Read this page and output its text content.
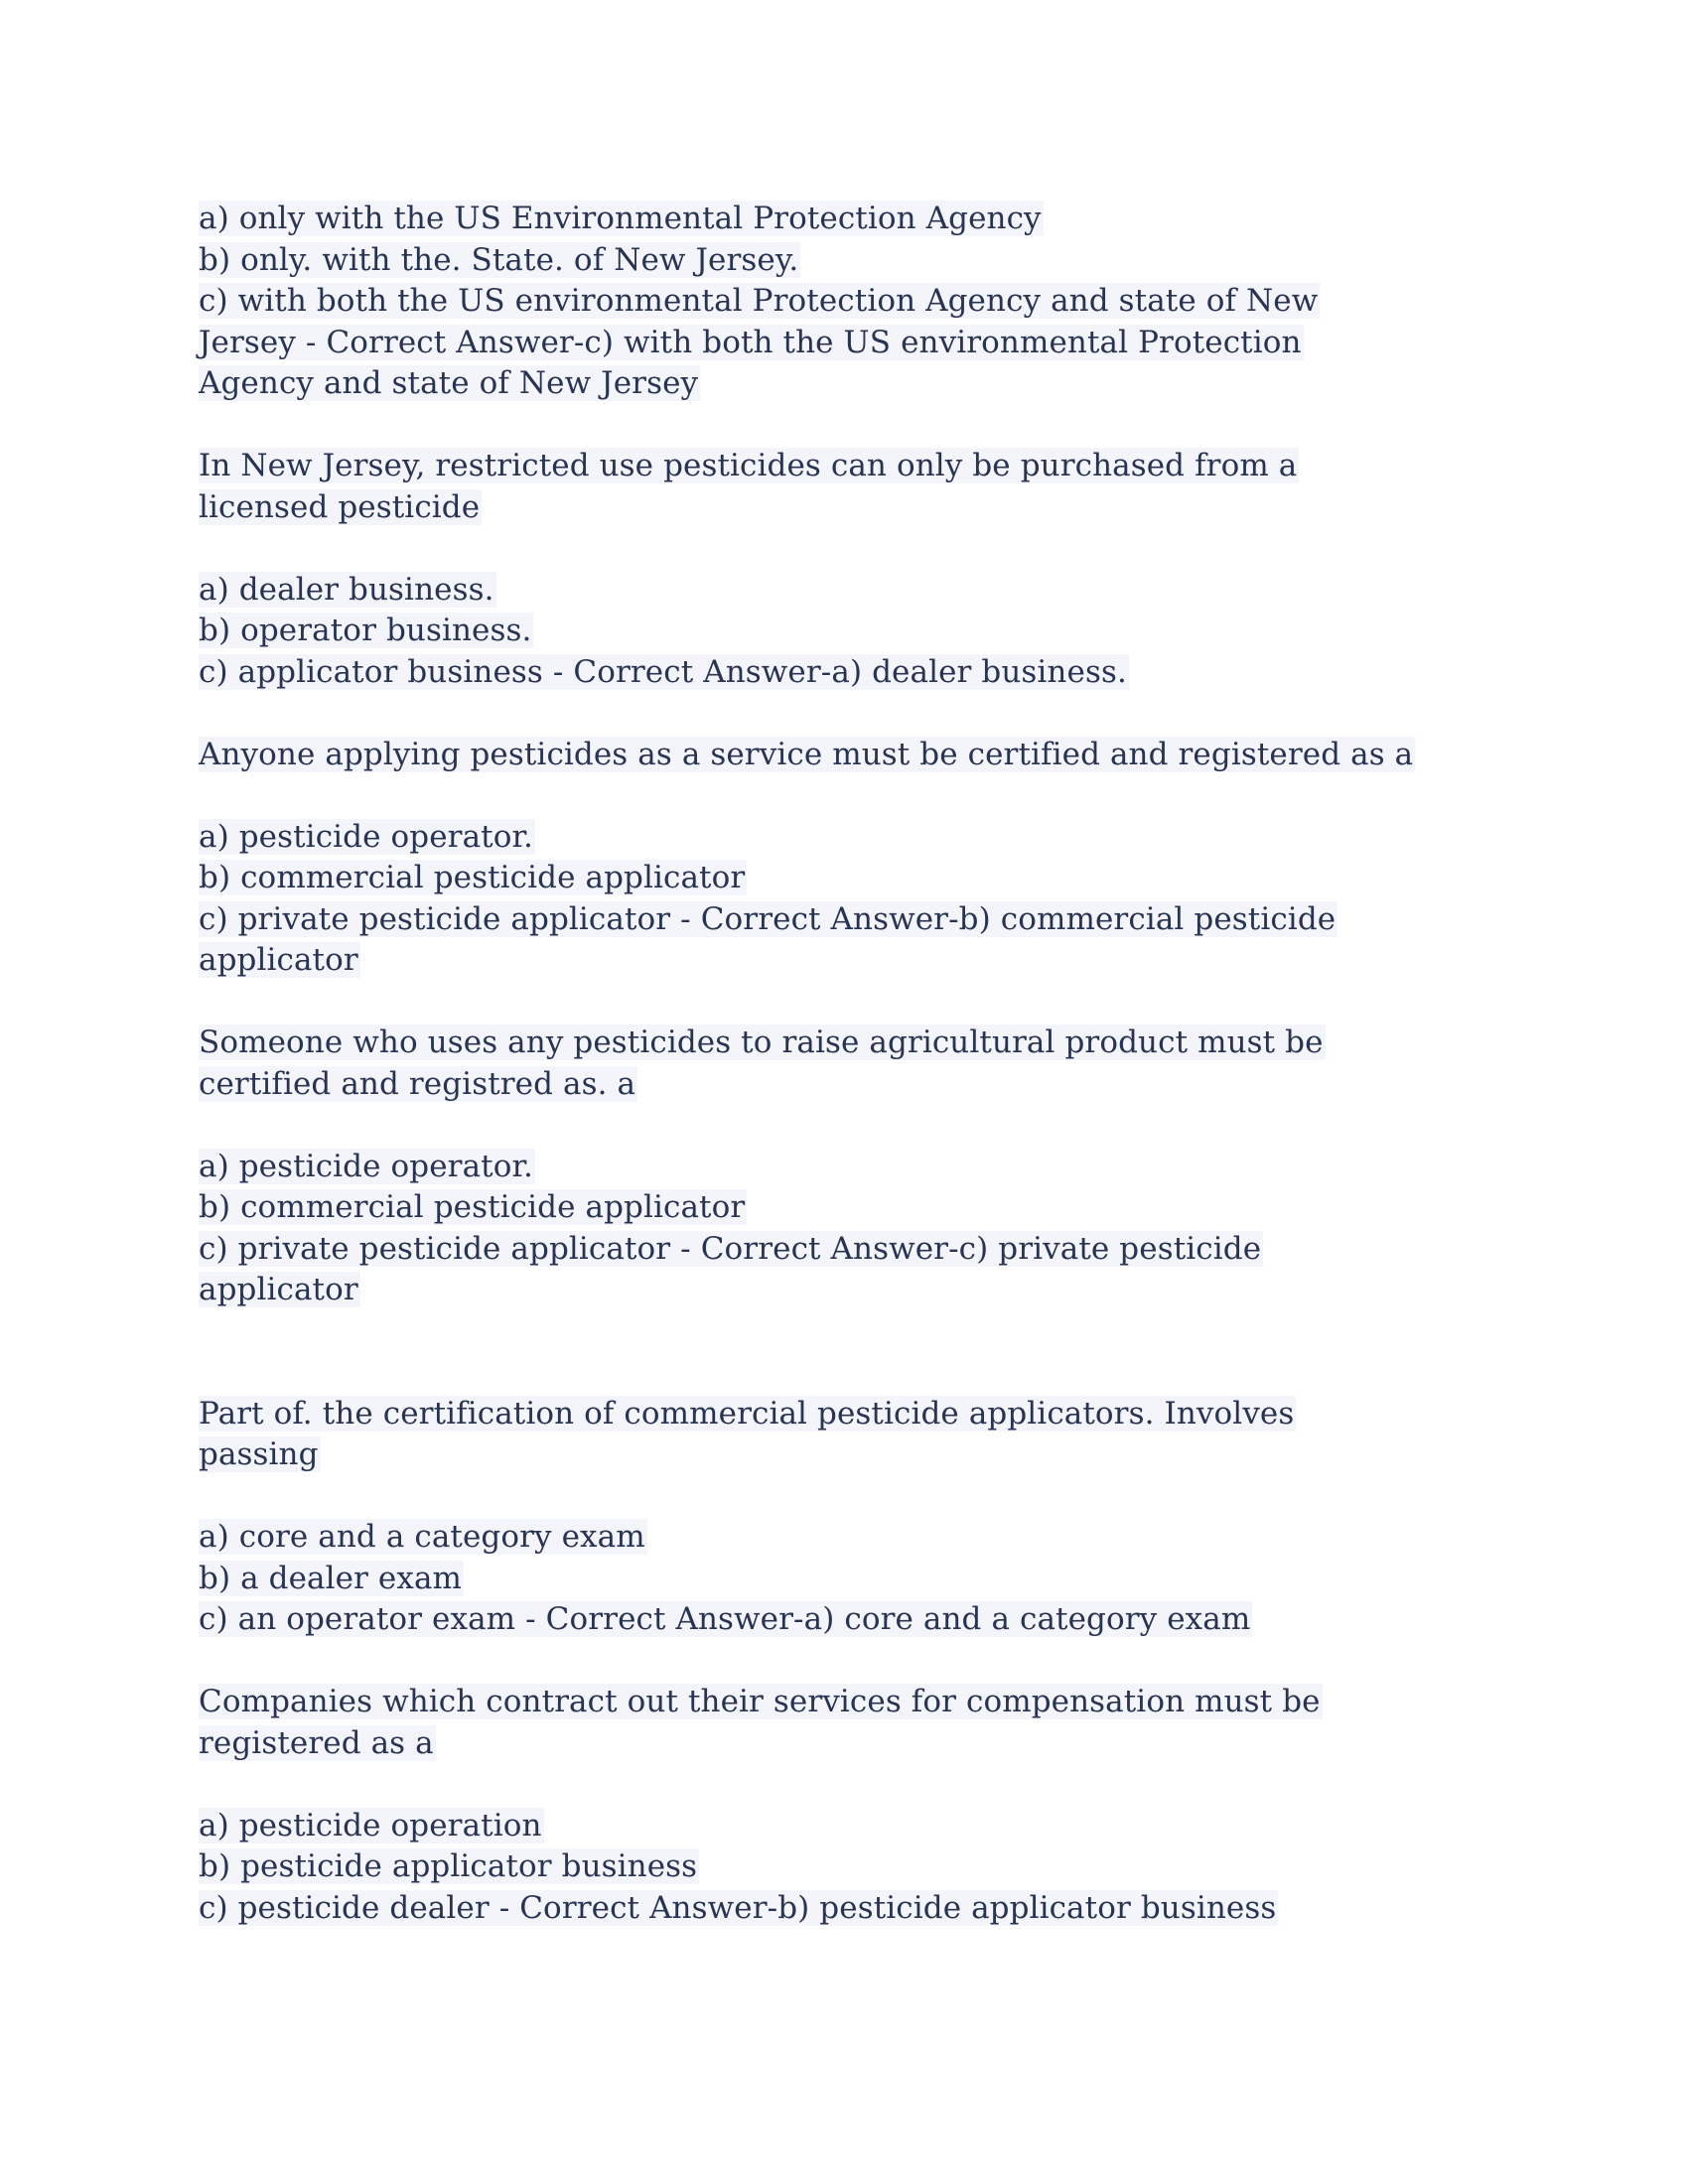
a) only with the US Environmental Protection Agency
b) only. with the. State. of New Jersey.
c) with both the US environmental Protection Agency and state of New
Jersey - Correct Answer-c) with both the US environmental Protection
Agency and state of New Jersey
In New Jersey, restricted use pesticides can only be purchased from a
licensed pesticide
a) dealer business.
b) operator business.
c) applicator business - Correct Answer-a) dealer business.
Anyone applying pesticides as a service must be certified and registered as a
a) pesticide operator.
b) commercial pesticide applicator
c) private pesticide applicator - Correct Answer-b) commercial pesticide
applicator
Someone who uses any pesticides to raise agricultural product must be
certified and registred as. a
a) pesticide operator.
b) commercial pesticide applicator
c) private pesticide applicator - Correct Answer-c) private pesticide
applicator
Part of. the certification of commercial pesticide applicators. Involves
passing
a) core and a category exam
b) a dealer exam
c) an operator exam - Correct Answer-a) core and a category exam
Companies which contract out their services for compensation must be
registered as a
a) pesticide operation
b) pesticide applicator business
c) pesticide dealer - Correct Answer-b) pesticide applicator business
